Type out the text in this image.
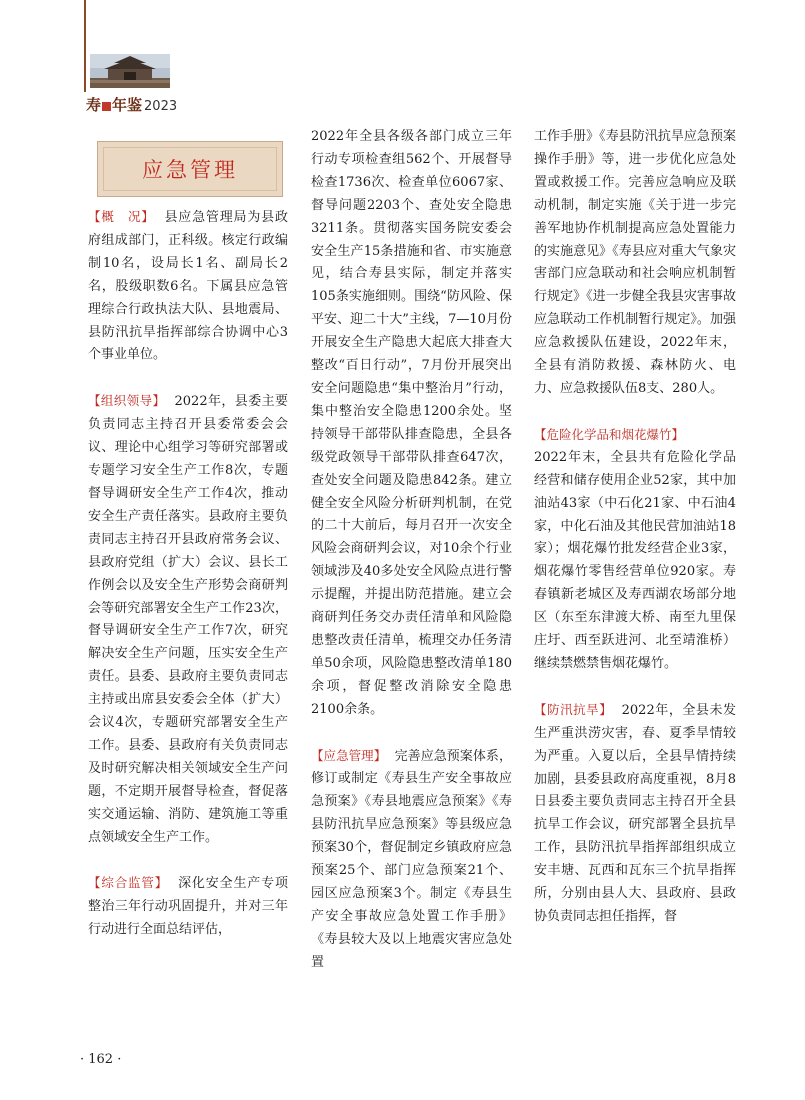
寿 年鉴 2023
应急管理

【概　况】 县应急管理局为县政府组成部门，正科级。核定行政编制10名，设局长1名、副局长2名，股级职数6名。下属县应急管理综合行政执法大队、县地震局、县防汛抗旱指挥部综合协调中心3个事业单位。

【组织领导】 2022年，县委主要负责同志主持召开县委常委会会议、理论中心组学习等研究部署或专题学习安全生产工作8次，专题督导调研安全生产工作4次，推动安全生产责任落实。县政府主要负责同志主持召开县政府常务会议、县政府党组（扩大）会议、县长工作例会以及安全生产形势会商研判会等研究部署安全生产工作23次，督导调研安全生产工作7次，研究解决安全生产问题，压实安全生产责任。县委、县政府主要负责同志主持或出席县安委会全体（扩大）会议4次，专题研究部署安全生产工作。县委、县政府有关负责同志及时研究解决相关领域安全生产问题，不定期开展督导检查，督促落实交通运输、消防、建筑施工等重点领域安全生产工作。

【综合监管】 深化安全生产专项整治三年行动巩固提升，并对三年行动进行全面总结评估，

2022年全县各级各部门成立三年行动专项检查组562个、开展督导检查1736次、检查单位6067家、督导问题2203个、查处安全隐患3211条。贯彻落实国务院安委会安全生产15条措施和省、市实施意见，结合寿县实际，制定并落实105条实施细则。围绕“防风险、保平安、迎二十大”主线，7—10月份开展安全生产隐患大起底大排查大整改“百日行动”，7月份开展突出安全问题隐患“集中整治月”行动，集中整治安全隐患1200余处。坚持领导干部带队排查隐患，全县各级党政领导干部带队排查647次，查处安全问题及隐患842条。建立健全安全风险分析研判机制，在党的二十大前后，每月召开一次安全风险会商研判会议，对10余个行业领域涉及40多处安全风险点进行警示提醒，并提出防范措施。建立会商研判任务交办责任清单和风险隐患整改责任清单，梳理交办任务清单50余项，风险隐患整改清单180余项，督促整改消除安全隐患2100余条。

【应急管理】 完善应急预案体系，修订或制定《寿县生产安全事故应急预案》《寿县地震应急预案》《寿县防汛抗旱应急预案》等县级应急预案30个，督促制定乡镇政府应急预案25个、部门应急预案21个、园区应急预案3个。制定《寿县生产安全事故应急处置工作手册》《寿县较大及以上地震灾害应急处置

工作手册》《寿县防汛抗旱应急预案操作手册》等，进一步优化应急处置或救援工作。完善应急响应及联动机制，制定实施《关于进一步完善军地协作机制提高应急处置能力的实施意见》《寿县应对重大气象灾害部门应急联动和社会响应机制暂行规定》《进一步健全我县灾害事故应急联动工作机制暂行规定》。加强应急救援队伍建设，2022年末，全县有消防救援、森林防火、电力、应急救援队伍8支、280人。

【危险化学品和烟花爆竹】
2022年末，全县共有危险化学品经营和储存使用企业52家，其中加油站43家（中石化21家、中石油4家，中化石油及其他民营加油站18家）；烟花爆竹批发经营企业3家，烟花爆竹零售经营单位920家。寿春镇新老城区及寿西湖农场部分地区（东至东津渡大桥、南至九里保庄圩、西至跃进河、北至靖淮桥）继续禁燃禁售烟花爆竹。

【防汛抗旱】 2022年，全县未发生严重洪涝灾害，春、夏季旱情较为严重。入夏以后，全县旱情持续加剧，县委县政府高度重视，8月8日县委主要负责同志主持召开全县抗旱工作会议，研究部署全县抗旱工作，县防汛抗旱指挥部组织成立安丰塘、瓦西和瓦东三个抗旱指挥所，分别由县人大、县政府、县政协负责同志担任指挥，督

· 162 ·
